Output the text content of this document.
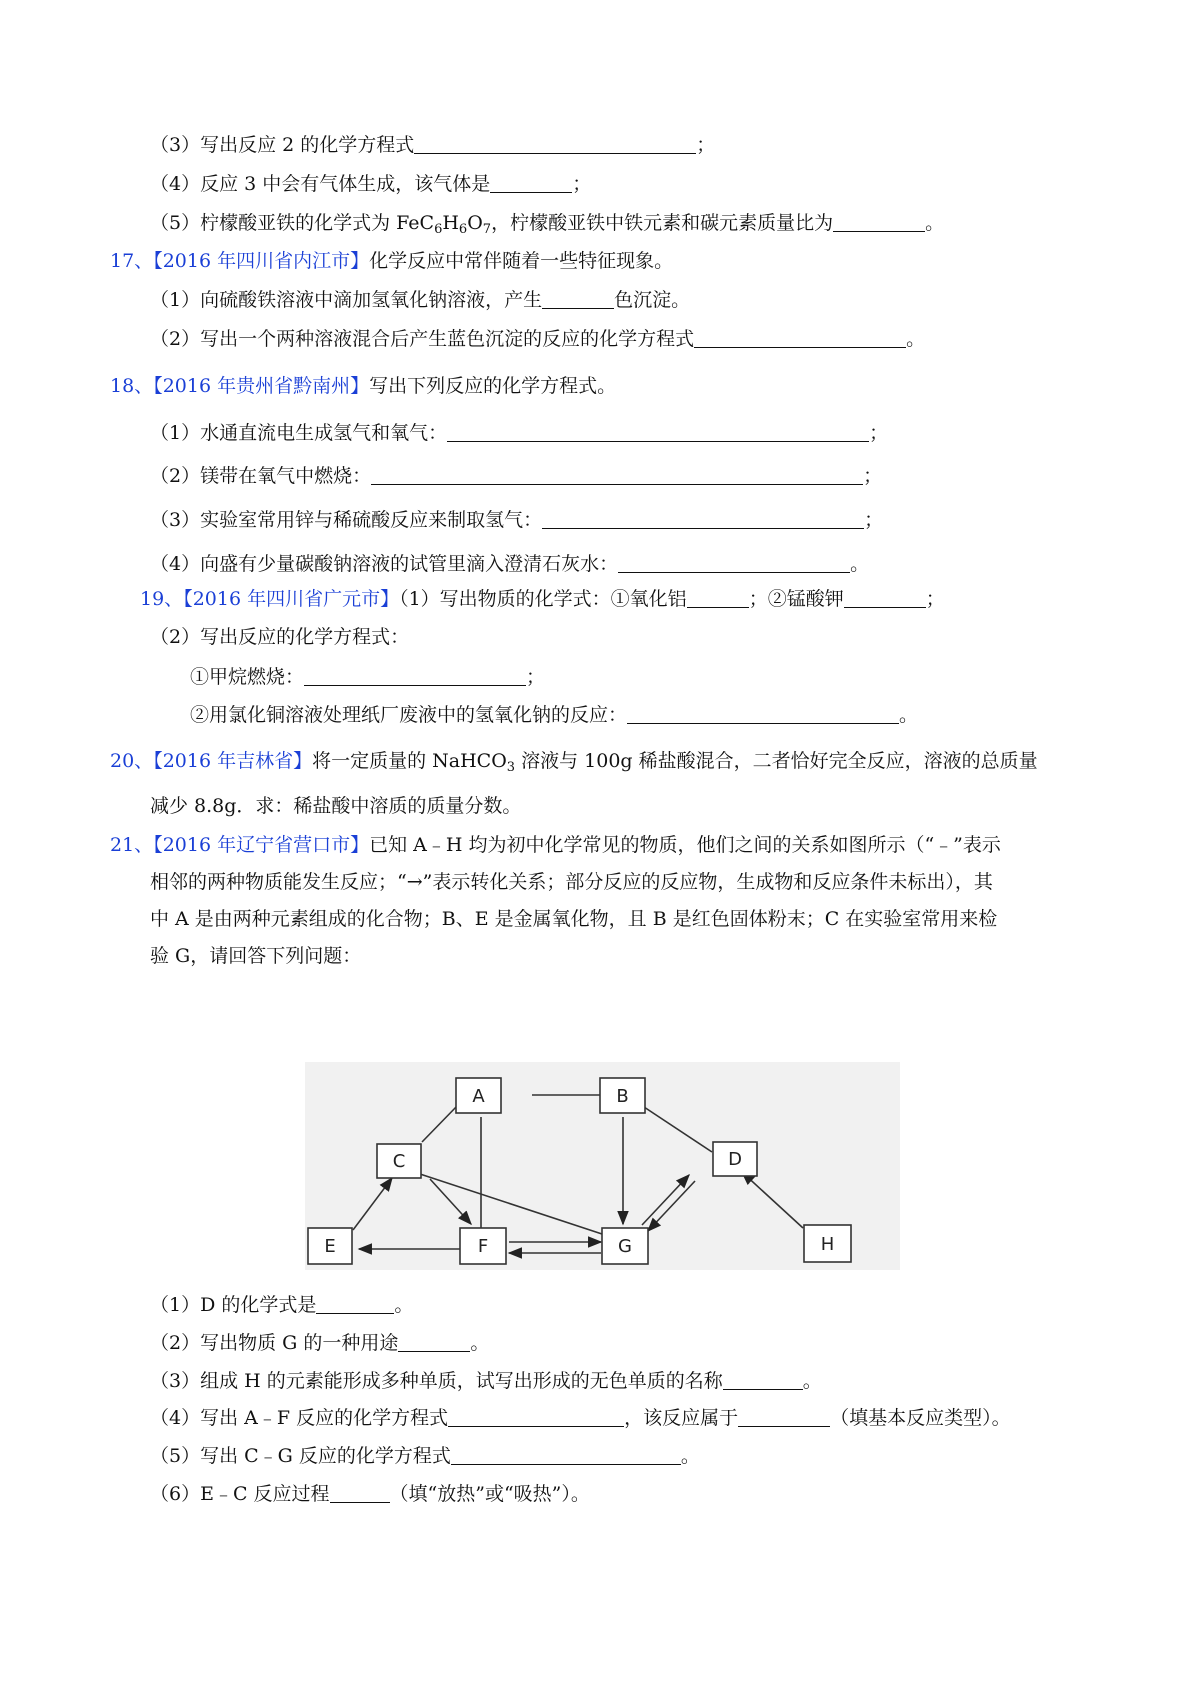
（3）写出反应 2 的化学方程式	；
（4）反应 3 中会有气体生成，该气体是	；
（5）柠檬酸亚铁的化学式为 $FeC_6H_6O_7$，柠檬酸亚铁中铁元素和碳元素质量比为	。
17、【2016 年四川省内江市】化学反应中常伴随着一些特征现象。
（1）向硫酸铁溶液中滴加氢氧化钠溶液，产生	色沉淀。
（2）写出一个两种溶液混合后产生蓝色沉淀的反应的化学方程式	。
18、【2016 年贵州省黔南州】写出下列反应的化学方程式。
（1）水通直流电生成氢气和氧气：	；
（2）镁带在氧气中燃烧：	；
（3）实验室常用锌与稀硫酸反应来制取氢气：	；
（4）向盛有少量碳酸钠溶液的试管里滴入澄清石灰水：	。
19、【2016 年四川省广元市】（1）写出物质的化学式：①氧化铝	；②锰酸钾	；
（2）写出反应的化学方程式：
①甲烷燃烧：	；
②用氯化铜溶液处理纸厂废液中的氢氧化钠的反应：	。
20、【2016 年吉林省】将一定质量的 NaHCO$_3$ 溶液与 100g 稀盐酸混合，二者恰好完全反应，溶液的总质量
减少 8.8g．求：稀盐酸中溶质的质量分数。
21、【2016 年辽宁省营口市】已知 A﹣H 均为初中化学常见的物质，他们之间的关系如图所示（“﹣”表示
相邻的两种物质能发生反应；“→”表示转化关系；部分反应的反应物，生成物和反应条件未标出），其
中 A 是由两种元素组成的化合物；B、E 是金属氧化物，且 B 是红色固体粉末；C 在实验室常用来检
验 G，请回答下列问题：
A	B
C	D
E	F	G	H
（1）D 的化学式是	。
（2）写出物质 G 的一种用途	。
（3）组成 H 的元素能形成多种单质，试写出形成的无色单质的名称	。
（4）写出 A﹣F 反应的化学方程式	，该反应属于	（填基本反应类型）。
（5）写出 C﹣G 反应的化学方程式	。
（6）E﹣C 反应过程	（填“放热”或“吸热”）。
